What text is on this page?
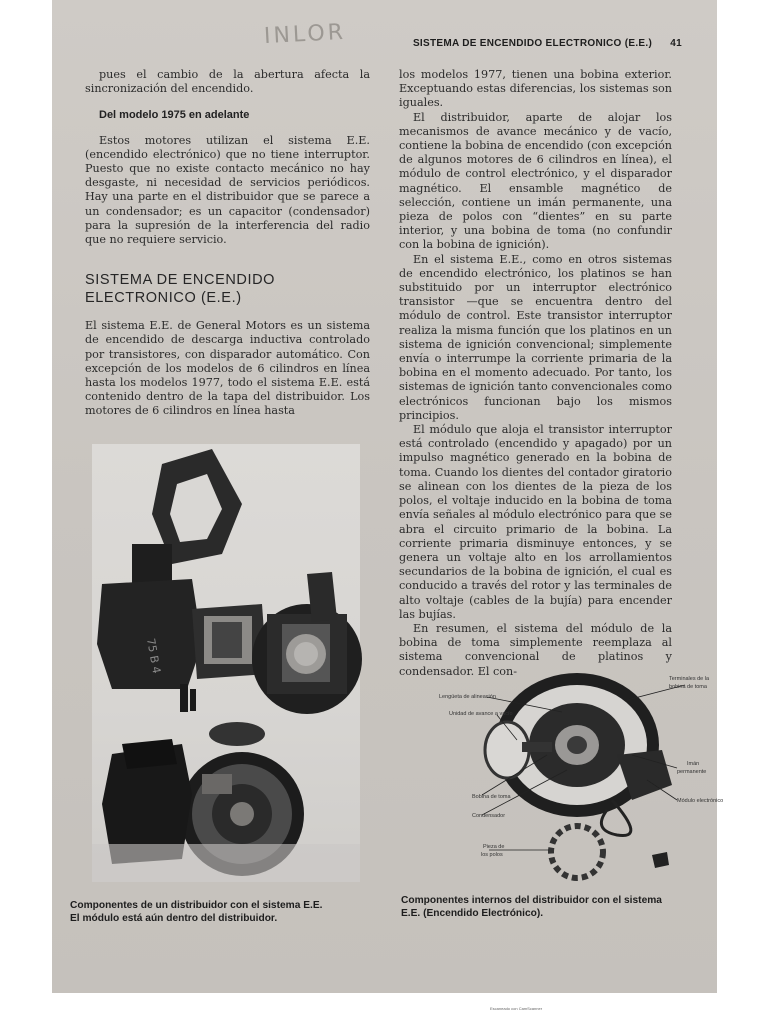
INLOR	SISTEMA DE ENCENDIDO ELECTRONICO (E.E.) 41

pues el cambio de la abertura afecta la sincronización del encendido.

Del modelo 1975 en adelante

Estos motores utilizan el sistema E.E. (encendido electrónico) que no tiene interruptor. Puesto que no existe contacto mecánico no hay desgaste, ni necesidad de servicios periódicos. Hay una parte en el distribuidor que se parece a un condensador; es un capacitor (condensador) para la supresión de la interferencia del radio que no requiere servicio.

SISTEMA DE ENCENDIDO
ELECTRONICO (E.E.)

El sistema E.E. de General Motors es un sistema de encendido de descarga inductiva controlado por transistores, con disparador automático. Con excepción de los modelos de 6 cilindros en línea hasta los modelos 1977, todo el sistema E.E. está contenido dentro de la tapa del distribuidor. Los motores de 6 cilindros en línea hasta

los modelos 1977, tienen una bobina exterior. Exceptuando estas diferencias, los sistemas son iguales.

El distribuidor, aparte de alojar los mecanismos de avance mecánico y de vacío, contiene la bobina de encendido (con excepción de algunos motores de 6 cilindros en línea), el módulo de control electrónico, y el disparador magnético. El ensamble magnético de selección, contiene un imán permanente, una pieza de polos con “dientes” en su parte interior, y una bobina de toma (no confundir con la bobina de ignición).

En el sistema E.E., como en otros sistemas de encendido electrónico, los platinos se han substituido por un interruptor electrónico transistor —que se encuentra dentro del módulo de control. Este transistor interruptor realiza la misma función que los platinos en un sistema de ignición convencional; simplemente envía o interrumpe la corriente primaria de la bobina en el momento adecuado. Por tanto, los sistemas de ignición tanto convencionales como electrónicos funcionan bajo los mismos principios.

El módulo que aloja el transistor interruptor está controlado (encendido y apagado) por un impulso magnético generado en la bobina de toma. Cuando los dientes del contador giratorio se alinean con los dientes de la pieza de los polos, el voltaje inducido en la bobina de toma envía señales al módulo electrónico para que se abra el circuito primario de la bobina. La corriente primaria disminuye entonces, y se genera un voltaje alto en los arrollamientos secundarios de la bobina de ignición, el cual es conducido a través del rotor y las terminales de alto voltaje (cables de la bujía) para encender las bujías.

En resumen, el sistema del módulo de la bobina de toma simplemente reemplaza al sistema convencional de platinos y condensador. El con-

75 B 4
Componentes de un distribuidor con el sistema E.E.
El módulo está aún dentro del distribuidor.
Lengüeta de alineación
Unidad de avance a vacío
Bobina de toma
Condensador
Pieza de
los polos
Terminales de la
bobina de toma
Imán
permanente
Módulo electrónico
Componentes internos del distribuidor con el sistema
E.E. (Encendido Electrónico).
Escaneado con CamScanner
